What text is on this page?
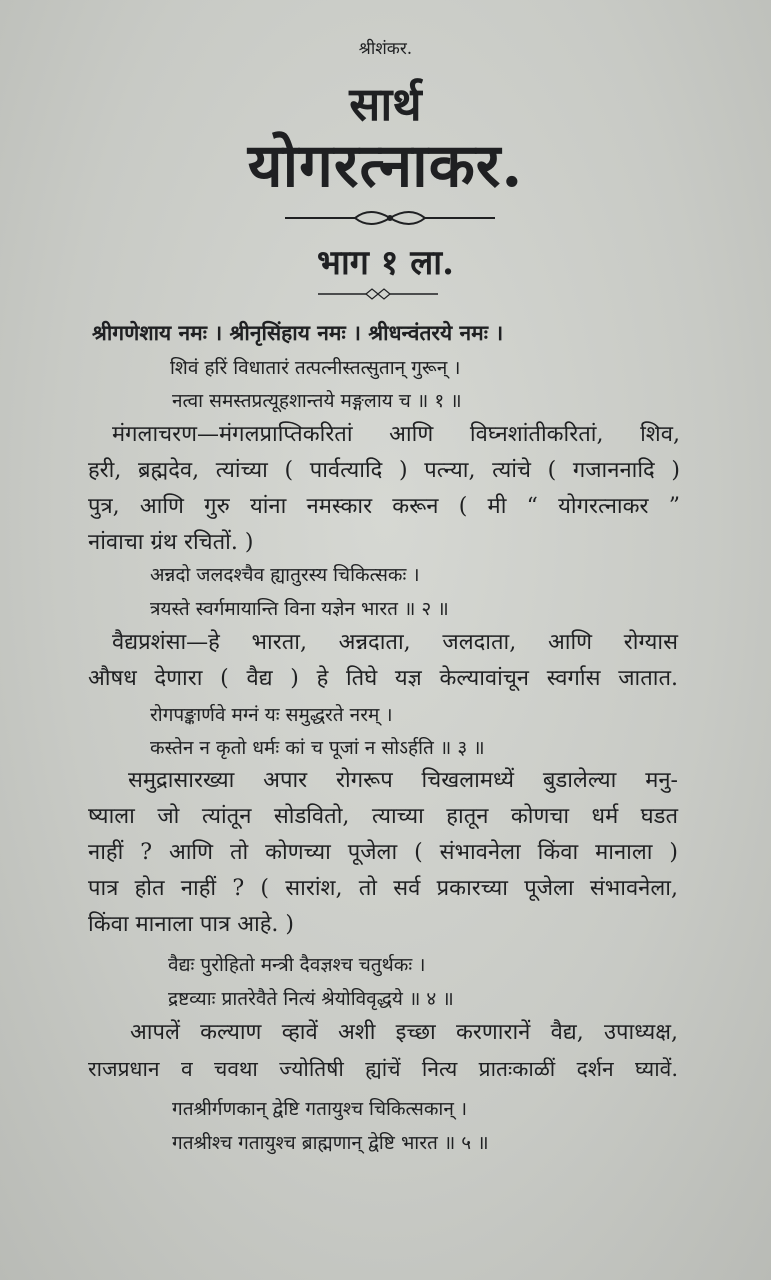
श्रीशंकर.
सार्थ
योगरत्नाकर.
भाग १ ला.
श्रीगणेशाय नमः । श्रीनृसिंहाय नमः । श्रीधन्वंतरये नमः ।
शिवं हरिं विधातारं तत्पत्नीस्तत्सुतान् गुरून् ।
नत्वा समस्तप्रत्यूहशान्तये मङ्गलाय च ॥ १ ॥
मंगलाचरण—मंगलप्राप्तिकरितां आणि विघ्नशांतीकरितां, शिव,
हरी, ब्रह्मदेव, त्यांच्या ( पार्वत्यादि ) पत्न्या, त्यांचे ( गजाननादि )
पुत्र, आणि गुरु यांना नमस्कार करून ( मी “ योगरत्नाकर ”
नांवाचा ग्रंथ रचितों. )
अन्नदो जलदश्चैव ह्यातुरस्य चिकित्सकः ।
त्रयस्ते स्वर्गमायान्ति विना यज्ञेन भारत ॥ २ ॥
वैद्यप्रशंसा—हे भारता, अन्नदाता, जलदाता, आणि रोग्यास
औषध देणारा ( वैद्य ) हे तिघे यज्ञ केल्यावांचून स्वर्गास जातात.
रोगपङ्कार्णवे मग्नं यः समुद्धरते नरम् ।
कस्तेन न कृतो धर्मः कां च पूजां न सोऽर्हति ॥ ३ ॥
समुद्रासारख्या अपार रोगरूप चिखलामध्यें बुडालेल्या मनु-
ष्याला जो त्यांतून सोडवितो, त्याच्या हातून कोणचा धर्म घडत
नाहीं ? आणि तो कोणच्या पूजेला ( संभावनेला किंवा मानाला )
पात्र होत नाहीं ? ( सारांश, तो सर्व प्रकारच्या पूजेला संभावनेला,
किंवा मानाला पात्र आहे. )
वैद्यः पुरोहितो मन्त्री दैवज्ञश्च चतुर्थकः ।
द्रष्टव्याः प्रातरेवैते नित्यं श्रेयोविवृद्धये ॥ ४ ॥
आपलें कल्याण व्हावें अशी इच्छा करणारानें वैद्य, उपाध्यक्ष,
राजप्रधान व चवथा ज्योतिषी ह्यांचें नित्य प्रातःकाळीं दर्शन घ्यावें.
गतश्रीर्गणकान् द्वेष्टि गतायुश्च चिकित्सकान् ।
गतश्रीश्च गतायुश्च ब्राह्मणान् द्वेष्टि भारत ॥ ५ ॥
